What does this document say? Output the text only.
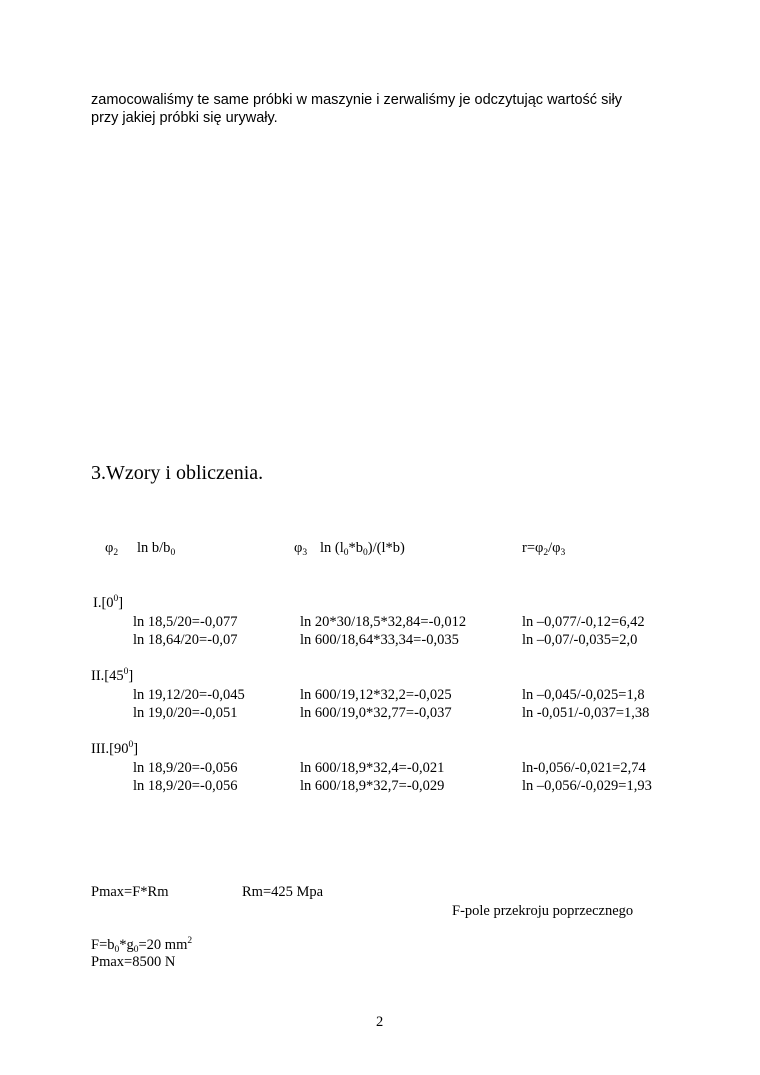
zamocowaliśmy te same próbki w maszynie i zerwaliśmy je odczytując wartość siły
przy jakiej próbki się urywały.
3.Wzory i obliczenia.
$\varphi_2$ $\ln b/b_0$	$\varphi_3$ $\ln (l_0*b_0)/(l*b)$	$r=\varphi_2/\varphi_3$
$I.[0^0]$
ln 18,5/20=-0,077	ln 20*30/18,5*32,84=-0,012	ln –0,077/-0,12=6,42
ln 18,64/20=-0,07	ln 600/18,64*33,34=-0,035	ln –0,07/-0,035=2,0
$II.[45^0]$
ln 19,12/20=-0,045	ln 600/19,12*32,2=-0,025	ln –0,045/-0,025=1,8
ln 19,0/20=-0,051	ln 600/19,0*32,77=-0,037	ln -0,051/-0,037=1,38
$III.[90^0]$
ln 18,9/20=-0,056	ln 600/18,9*32,4=-0,021	ln-0,056/-0,021=2,74
ln 18,9/20=-0,056	ln 600/18,9*32,7=-0,029	ln –0,056/-0,029=1,93
Pmax=F*Rm	Rm=425 Mpa
F-pole przekroju poprzecznego
$F=b_0*g_0=20$ $mm^2$
Pmax=8500 N
2
